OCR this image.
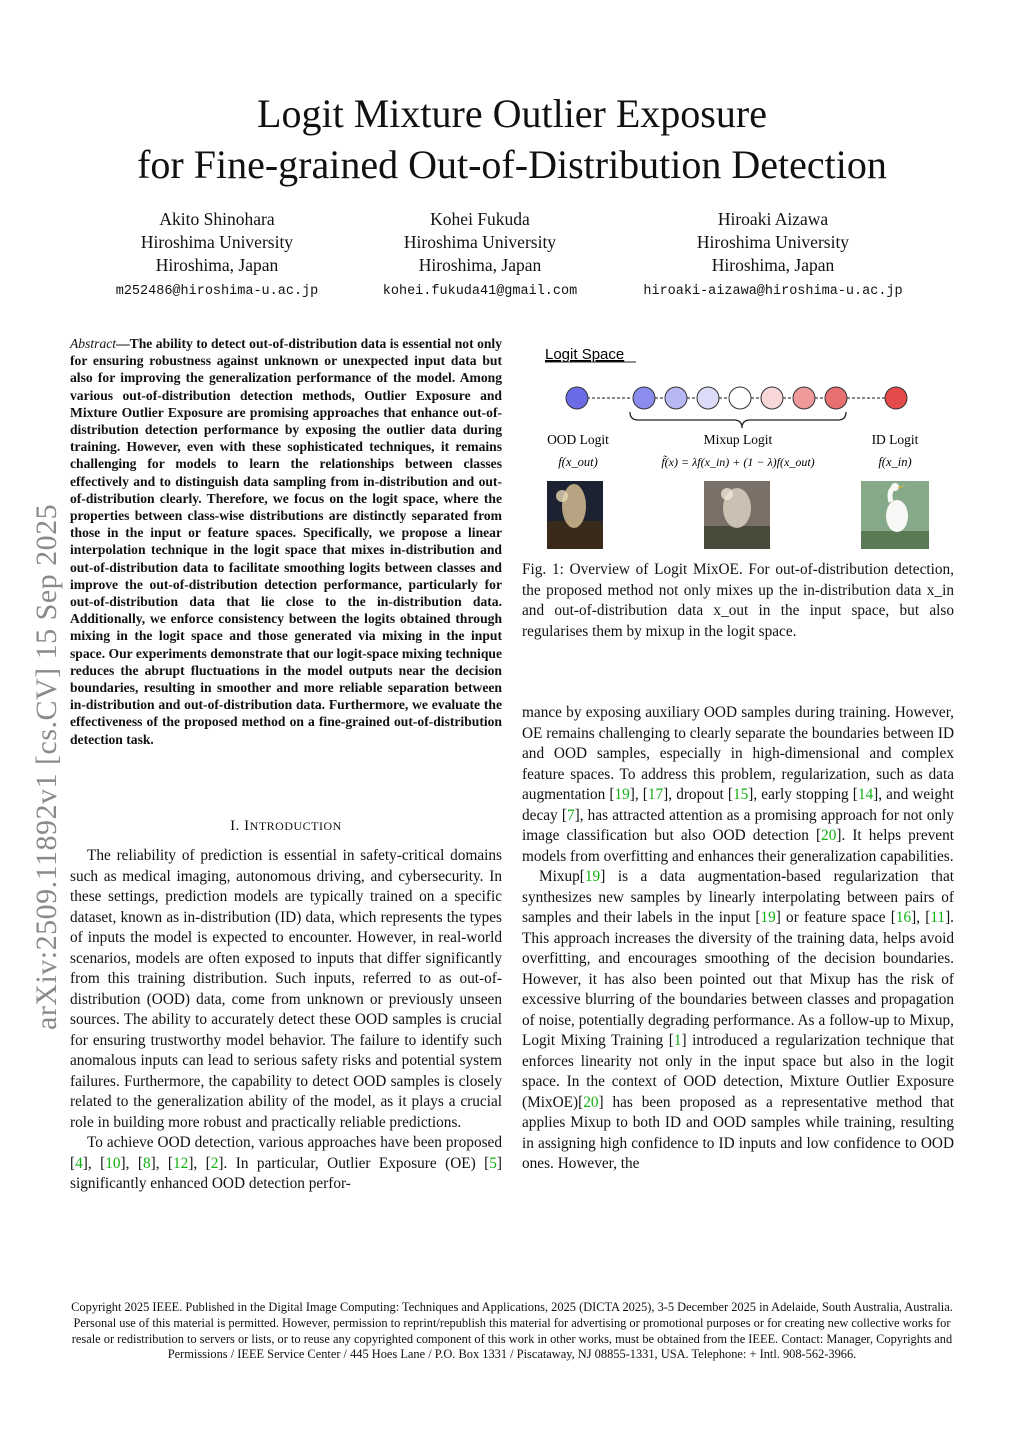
arXiv:2509.11892v1 [cs.CV] 15 Sep 2025
Logit Mixture Outlier Exposure
for Fine-grained Out-of-Distribution Detection
Akito Shinohara
Hiroshima University
Hiroshima, Japan
m252486@hiroshima-u.ac.jp
Kohei Fukuda
Hiroshima University
Hiroshima, Japan
kohei.fukuda41@gmail.com
Hiroaki Aizawa
Hiroshima University
Hiroshima, Japan
hiroaki-aizawa@hiroshima-u.ac.jp
Abstract—The ability to detect out-of-distribution data is essential not only for ensuring robustness against unknown or unexpected input data but also for improving the generalization performance of the model. Among various out-of-distribution detection methods, Outlier Exposure and Mixture Outlier Exposure are promising approaches that enhance out-of-distribution detection performance by exposing the outlier data during training. However, even with these sophisticated techniques, it remains challenging for models to learn the relationships between classes effectively and to distinguish data sampling from in-distribution and out-of-distribution clearly. Therefore, we focus on the logit space, where the properties between class-wise distributions are distinctly separated from those in the input or feature spaces. Specifically, we propose a linear interpolation technique in the logit space that mixes in-distribution and out-of-distribution data to facilitate smoothing logits between classes and improve the out-of-distribution detection performance, particularly for out-of-distribution data that lie close to the in-distribution data. Additionally, we enforce consistency between the logits obtained through mixing in the logit space and those generated via mixing in the input space. Our experiments demonstrate that our logit-space mixing technique reduces the abrupt fluctuations in the model outputs near the decision boundaries, resulting in smoother and more reliable separation between in-distribution and out-of-distribution data. Furthermore, we evaluate the effectiveness of the proposed method on a fine-grained out-of-distribution detection task.
I. INTRODUCTION

The reliability of prediction is essential in safety-critical domains such as medical imaging, autonomous driving, and cybersecurity. In these settings, prediction models are typically trained on a specific dataset, known as in-distribution (ID) data, which represents the types of inputs the model is expected to encounter. However, in real-world scenarios, models are often exposed to inputs that differ significantly from this training distribution. Such inputs, referred to as out-of-distribution (OOD) data, come from unknown or previously unseen sources. The ability to accurately detect these OOD samples is crucial for ensuring trustworthy model behavior. The failure to identify such anomalous inputs can lead to serious safety risks and potential system failures. Furthermore, the capability to detect OOD samples is closely related to the generalization ability of the model, as it plays a crucial role in building more robust and practically reliable predictions.

To achieve OOD detection, various approaches have been proposed [4], [10], [8], [12], [2]. In particular, Outlier Exposure (OE) [5] significantly enhanced OOD detection perfor-

Logit Space
OOD Logit	Mixup Logit	ID Logit
f(x_out)	f̃(x) = λf(x_in) + (1 − λ)f(x_out)	f(x_in)
Fig. 1: Overview of Logit MixOE. For out-of-distribution detection, the proposed method not only mixes up the in-distribution data x_in and out-of-distribution data x_out in the input space, but also regularises them by mixup in the logit space.

mance by exposing auxiliary OOD samples during training. However, OE remains challenging to clearly separate the boundaries between ID and OOD samples, especially in high-dimensional and complex feature spaces. To address this problem, regularization, such as data augmentation [19], [17], dropout [15], early stopping [14], and weight decay [7], has attracted attention as a promising approach for not only image classification but also OOD detection [20]. It helps prevent models from overfitting and enhances their generalization capabilities.

Mixup[19] is a data augmentation-based regularization that synthesizes new samples by linearly interpolating between pairs of samples and their labels in the input [19] or feature space [16], [11]. This approach increases the diversity of the training data, helps avoid overfitting, and encourages smoothing of the decision boundaries. However, it has also been pointed out that Mixup has the risk of excessive blurring of the boundaries between classes and propagation of noise, potentially degrading performance. As a follow-up to Mixup, Logit Mixing Training [1] introduced a regularization technique that enforces linearity not only in the input space but also in the logit space. In the context of OOD detection, Mixture Outlier Exposure (MixOE)[20] has been proposed as a representative method that applies Mixup to both ID and OOD samples while training, resulting in assigning high confidence to ID inputs and low confidence to OOD ones. However, the

Copyright 2025 IEEE. Published in the Digital Image Computing: Techniques and Applications, 2025 (DICTA 2025), 3-5 December 2025 in Adelaide, South Australia, Australia. Personal use of this material is permitted. However, permission to reprint/republish this material for advertising or promotional purposes or for creating new collective works for resale or redistribution to servers or lists, or to reuse any copyrighted component of this work in other works, must be obtained from the IEEE. Contact: Manager, Copyrights and Permissions / IEEE Service Center / 445 Hoes Lane / P.O. Box 1331 / Piscataway, NJ 08855-1331, USA. Telephone: + Intl. 908-562-3966.
